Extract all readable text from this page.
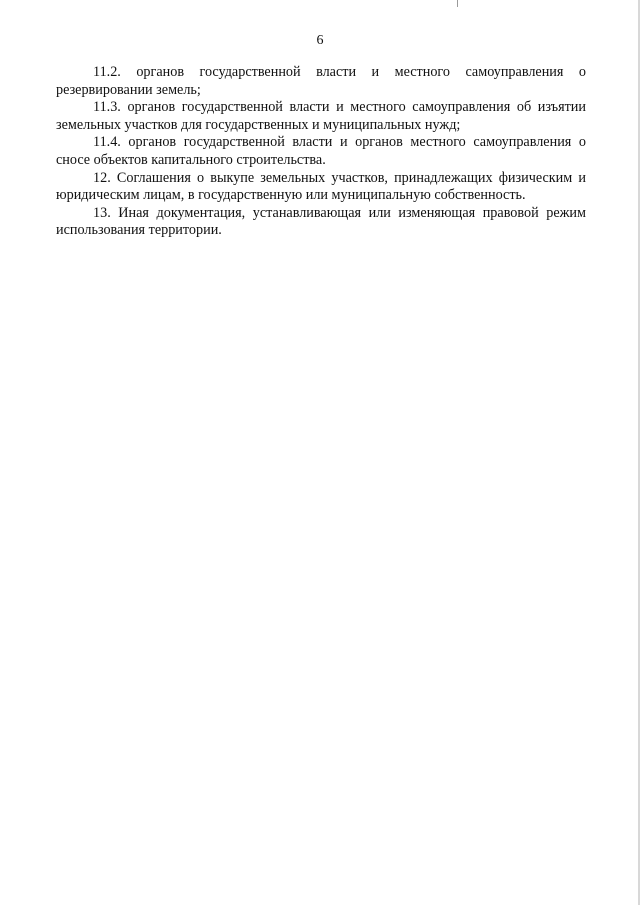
6

11.2. органов государственной власти и местного самоуправления о резервировании земель;

11.3. органов государственной власти и местного самоуправления об изъятии земельных участков для государственных и муниципальных нужд;

11.4. органов государственной власти и органов местного самоуправления о сносе объектов капитального строительства.

12. Соглашения о выкупе земельных участков, принадлежащих физическим и юридическим лицам, в государственную или муниципальную собственность.

13. Иная документация, устанавливающая или изменяющая правовой режим использования территории.
